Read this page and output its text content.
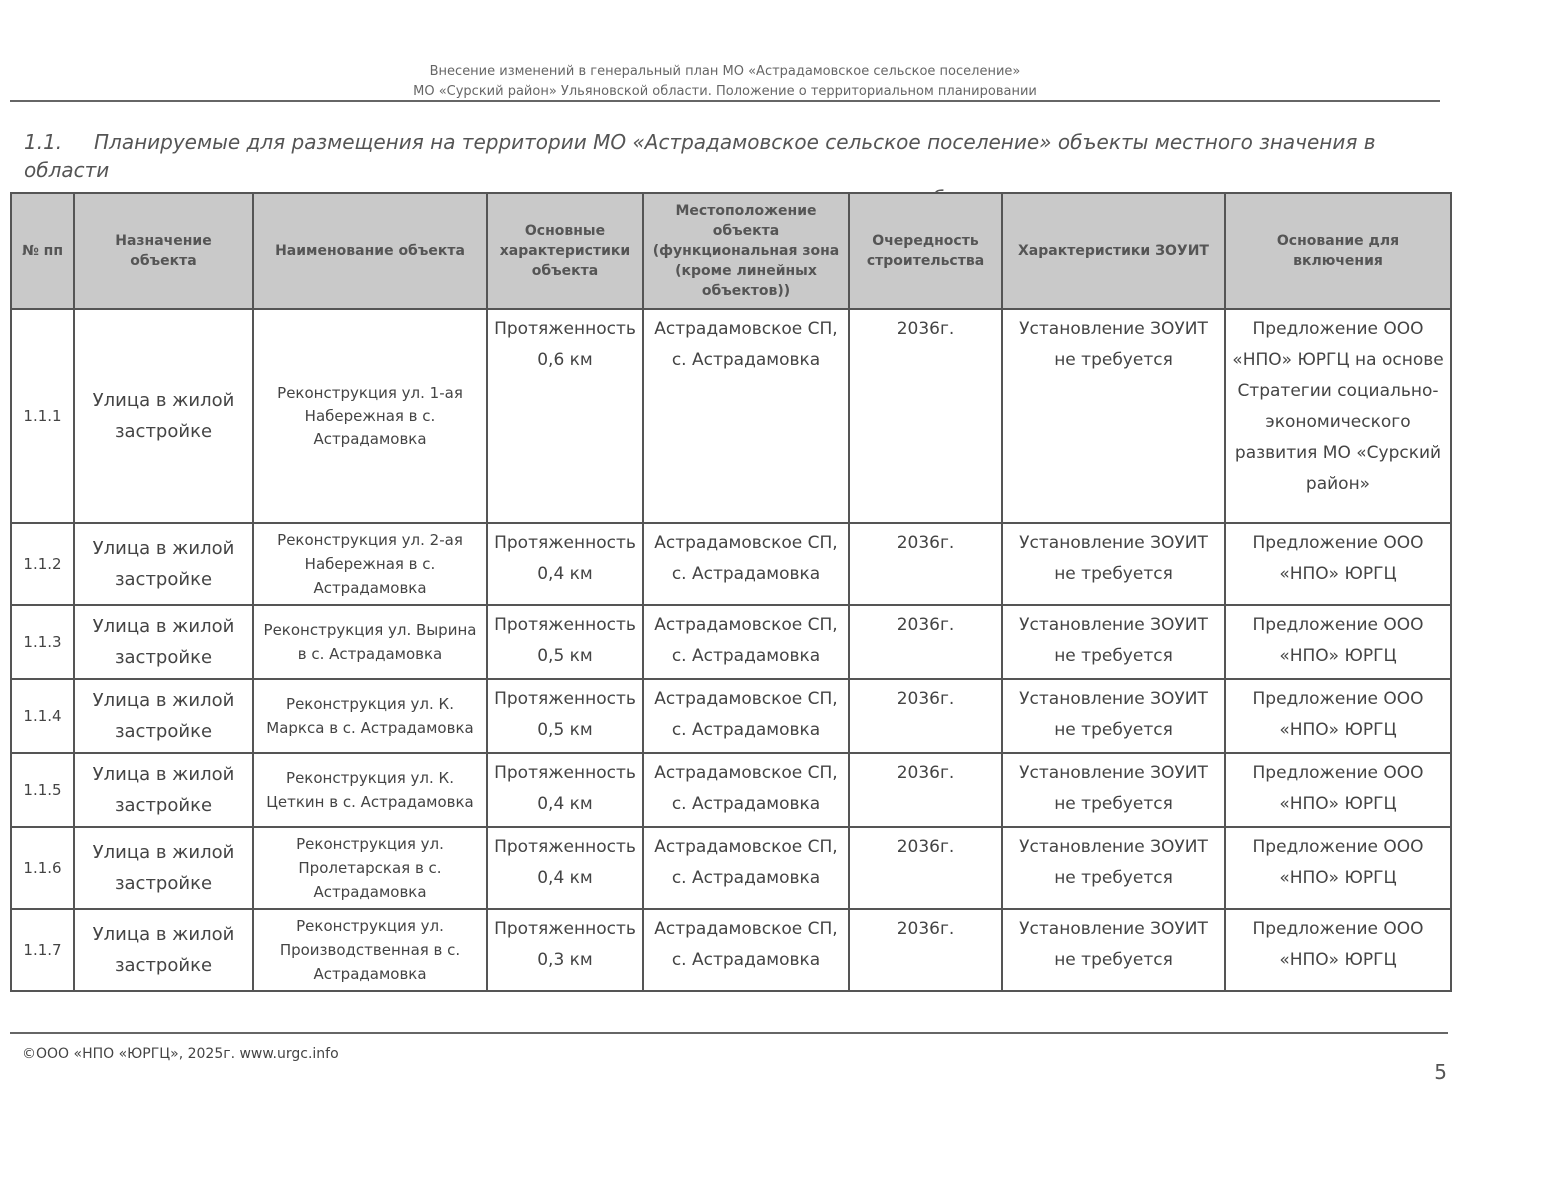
Внесение изменений в генеральный план МО «Астрадамовское сельское поселение»
МО «Сурский район» Ульяновской области. Положение о территориальном планировании
1.1. Планируемые для размещения на территории МО «Астрадамовское сельское поселение» объекты местного значения в области
№ пп	Назначение объекта	Наименование объекта	Основные характеристики объекта	Местоположение объекта (функциональная зона (кроме линейных объектов))	Очередность строительства	Характеристики ЗОУИТ	Основание для включения
1.1.1	Улица в жилой застройке	Реконструкция ул. 1-ая Набережная в с. Астрадамовка	Протяженность 0,6 км	Астрадамовское СП, с. Астрадамовка	2036г.	Установление ЗОУИТ не требуется	Предложение ООО «НПО» ЮРГЦ на основе Стратегии социально-экономического развития МО «Сурский район»
1.1.2	Улица в жилой застройке	Реконструкция ул. 2-ая Набережная в с. Астрадамовка	Протяженность 0,4 км	Астрадамовское СП, с. Астрадамовка	2036г.	Установление ЗОУИТ не требуется	Предложение ООО «НПО» ЮРГЦ
1.1.3	Улица в жилой застройке	Реконструкция ул. Вырина в с. Астрадамовка	Протяженность 0,5 км	Астрадамовское СП, с. Астрадамовка	2036г.	Установление ЗОУИТ не требуется	Предложение ООО «НПО» ЮРГЦ
1.1.4	Улица в жилой застройке	Реконструкция ул. К. Маркса в с. Астрадамовка	Протяженность 0,5 км	Астрадамовское СП, с. Астрадамовка	2036г.	Установление ЗОУИТ не требуется	Предложение ООО «НПО» ЮРГЦ
1.1.5	Улица в жилой застройке	Реконструкция ул. К. Цеткин в с. Астрадамовка	Протяженность 0,4 км	Астрадамовское СП, с. Астрадамовка	2036г.	Установление ЗОУИТ не требуется	Предложение ООО «НПО» ЮРГЦ
1.1.6	Улица в жилой застройке	Реконструкция ул. Пролетарская в с. Астрадамовка	Протяженность 0,4 км	Астрадамовское СП, с. Астрадамовка	2036г.	Установление ЗОУИТ не требуется	Предложение ООО «НПО» ЮРГЦ
1.1.7	Улица в жилой застройке	Реконструкция ул. Производственная в с. Астрадамовка	Протяженность 0,3 км	Астрадамовское СП, с. Астрадамовка	2036г.	Установление ЗОУИТ не требуется	Предложение ООО «НПО» ЮРГЦ
©ООО «НПО «ЮРГЦ», 2025г. www.urgc.info
5
